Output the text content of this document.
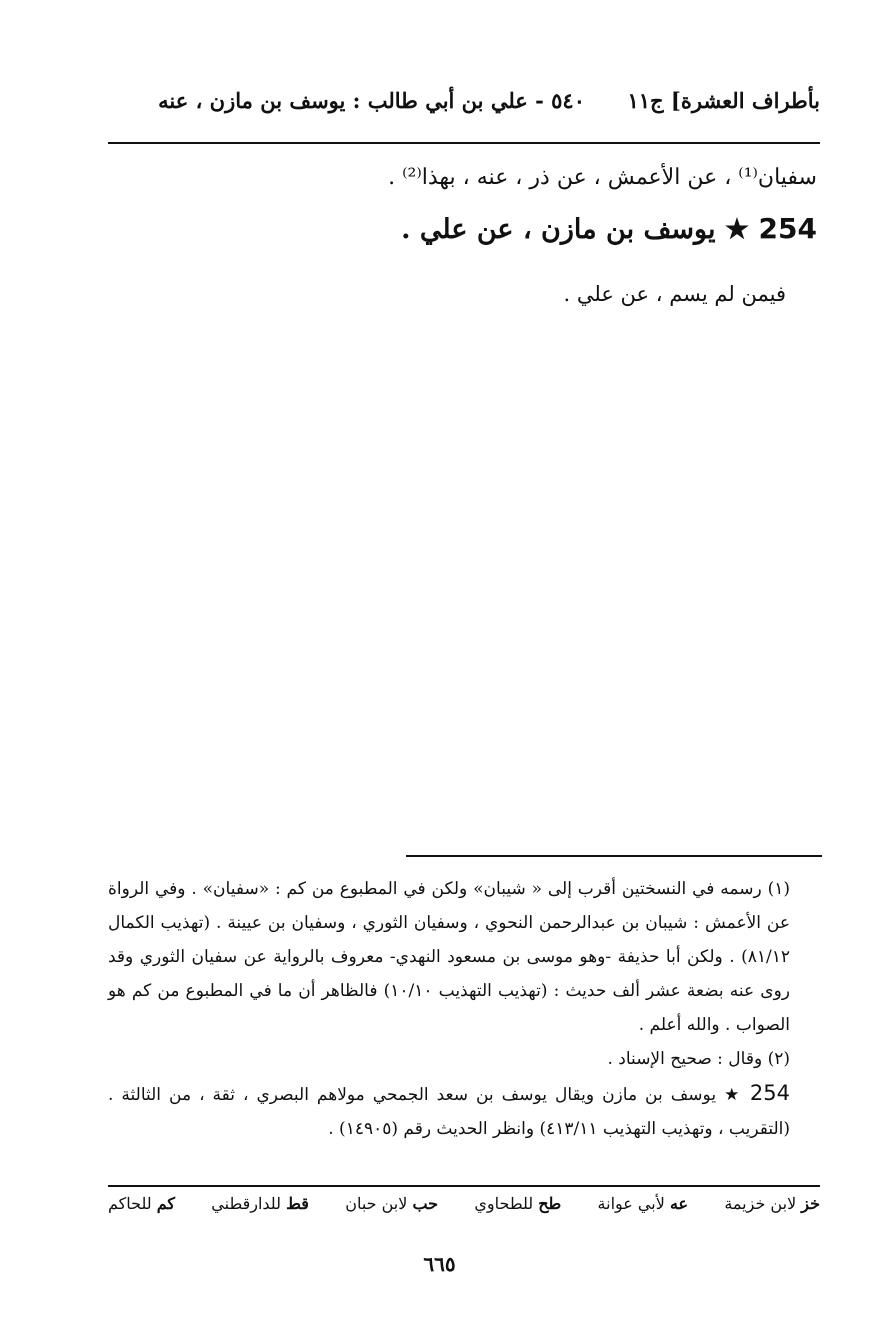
بأطراف العشرة] ج١١
٥٤٠ - علي بن أبي طالب : يوسف بن مازن ، عنه
سفيان⁽¹⁾ ، عن الأعمش ، عن ذر ، عنه ، بهذا⁽²⁾ .
254 ★ يوسف بن مازن ، عن علي .
فيمن لم يسم ، عن علي .

(١) رسمه في النسختين أقرب إلى « شيبان» ولكن في المطبوع من كم : «سفيان» . وفي الرواة عن الأعمش : شيبان بن عبدالرحمن النحوي ، وسفيان الثوري ، وسفيان بن عيينة . (تهذيب الكمال ٨١/١٢) . ولكن أبا حذيفة -وهو موسى بن مسعود النهدي- معروف بالرواية عن سفيان الثوري وقد روى عنه بضعة عشر ألف حديث : (تهذيب التهذيب ١٠/١٠) فالظاهر أن ما في المطبوع من كم هو الصواب . والله أعلم .

(٢) وقال : صحيح الإسناد .

254 ★ يوسف بن مازن ويقال يوسف بن سعد الجمحي مولاهم البصري ، ثقة ، من الثالثة . (التقريب ، وتهذيب التهذيب ٤١٣/١١) وانظر الحديث رقم (١٤٩٠٥) .

خز لابن خزيمة
عه لأبي عوانة
طح للطحاوي
حب لابن حبان
قط للدارقطني
كم للحاكم
٦٦٥
